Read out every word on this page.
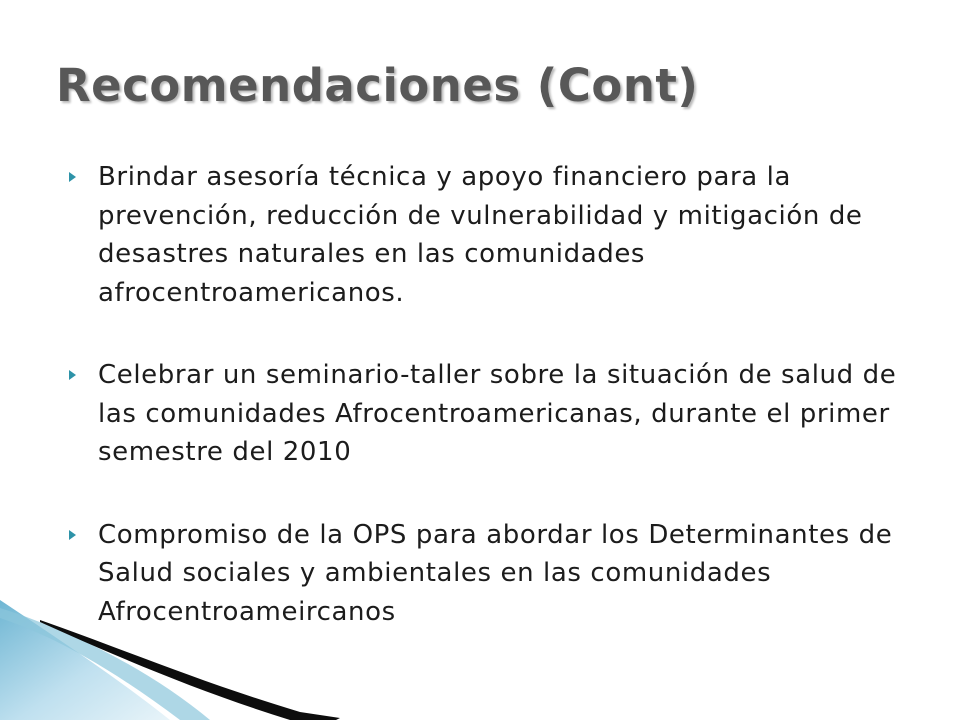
Recomendaciones (Cont)
Brindar asesoría técnica y apoyo financiero para la prevención, reducción de vulnerabilidad y mitigación de desastres naturales en las comunidades afrocentroamericanos.
Celebrar un seminario-taller sobre la situación de salud de las comunidades Afrocentroamericanas, durante el primer semestre del 2010
Compromiso de la OPS para abordar los Determinantes de Salud sociales y ambientales en las comunidades Afrocentroameircanos
